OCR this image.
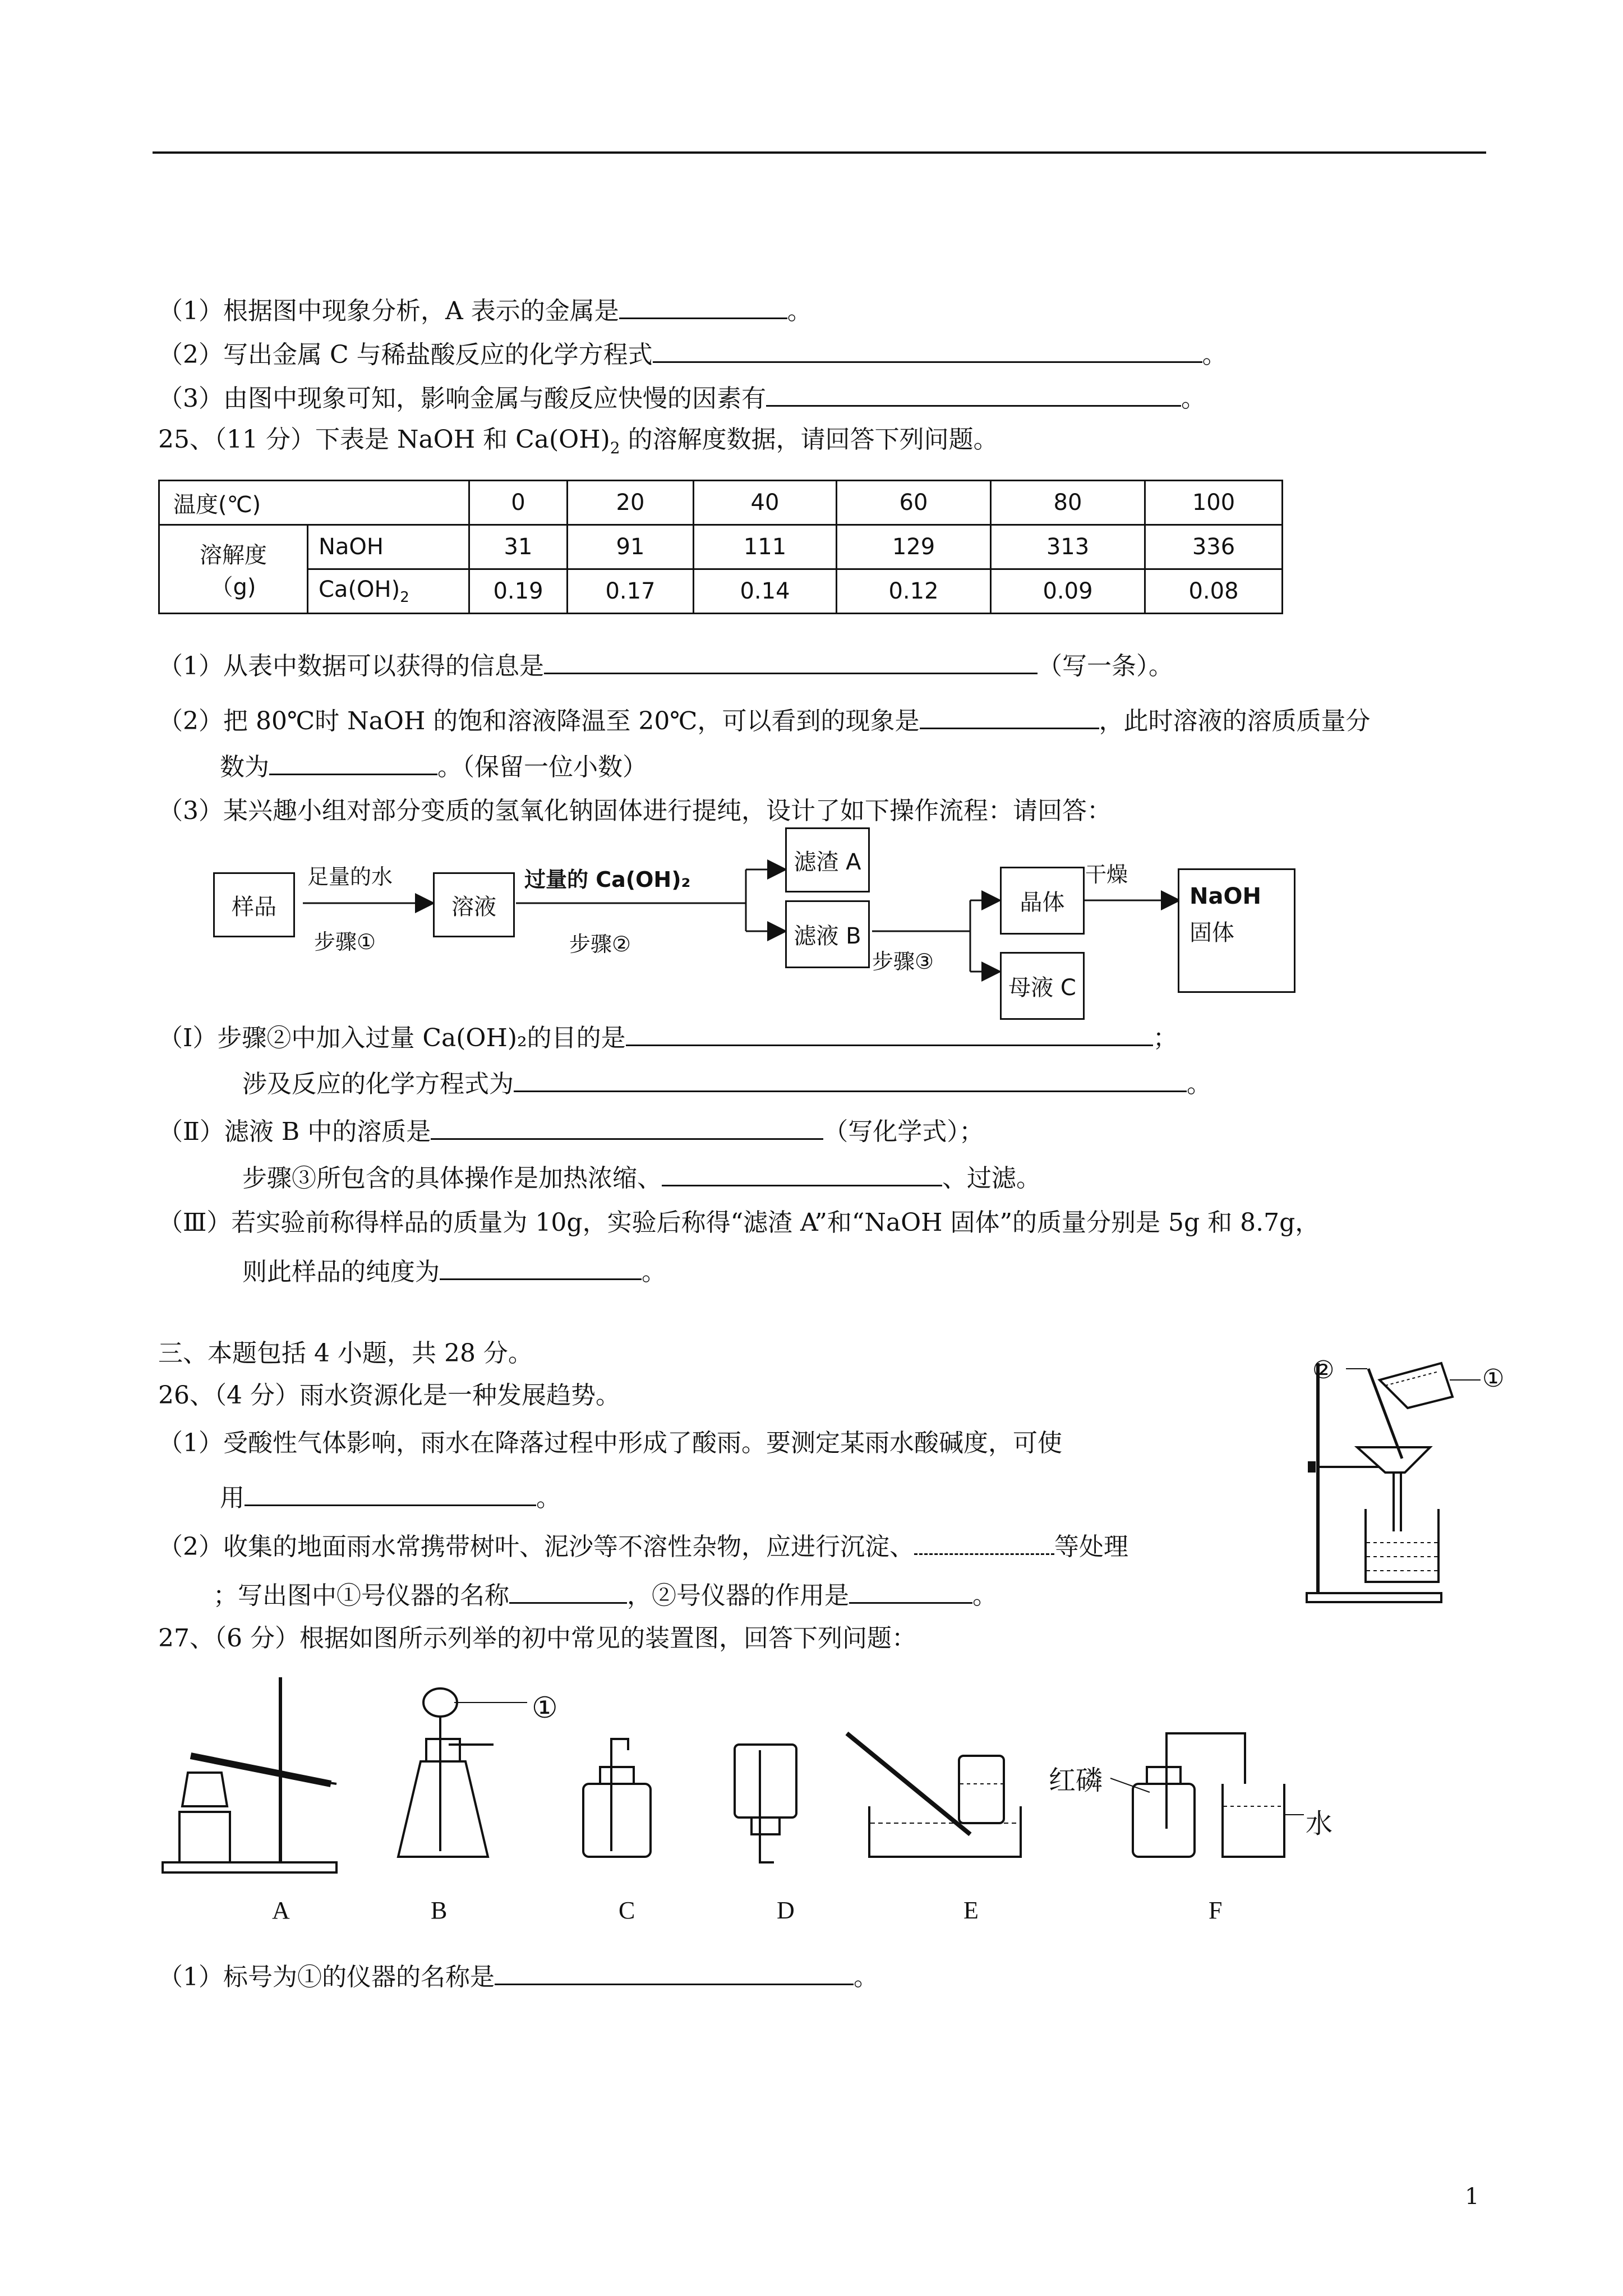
（1）根据图中现象分析，A 表示的金属是	。
（2）写出金属 C 与稀盐酸反应的化学方程式	。
（3）由图中现象可知，影响金属与酸反应快慢的因素有	。
25、（11 分）下表是 NaOH 和 $Ca(OH)_2$ 的溶解度数据，请回答下列问题。
温度(℃)		0	20	40	60	80	100

溶解度
（g)	NaOH	31	91	111	129	313	336
	$Ca(OH)_2$	0.19	0.17	0.14	0.12	0.09	0.08
（1）从表中数据可以获得的信息是	（写一条）。
（2）把 80℃时 NaOH 的饱和溶液降温至 20℃，可以看到的现象是	，此时溶液的溶质质量分
数为	。（保留一位小数）
（3）某兴趣小组对部分变质的氢氧化钠固体进行提纯，设计了如下操作流程：请回答：
样品
足量的水
步骤①
溶液
过量的 Ca(OH)₂
步骤②
滤渣 A
滤液 B
步骤③
晶体
干燥
母液 C
NaOH
固体
（Ⅰ）步骤②中加入过量 Ca(OH)₂的目的是	；
涉及反应的化学方程式为	。
（Ⅱ）滤液 B 中的溶质是	（写化学式）；
步骤③所包含的具体操作是加热浓缩、	、过滤。
（Ⅲ）若实验前称得样品的质量为 10g，实验后称得“滤渣 A”和“NaOH 固体”的质量分别是 5g 和 8.7g，
则此样品的纯度为	。
三、本题包括 4 小题，共 28 分。
26、（4 分）雨水资源化是一种发展趋势。
（1）受酸性气体影响，雨水在降落过程中形成了酸雨。要测定某雨水酸碱度，可使
用	。
（2）收集的地面雨水常携带树叶、泥沙等不溶性杂物，应进行沉淀、	等处理
；写出图中①号仪器的名称	，②号仪器的作用是	。
②	①
27、（6 分）根据如图所示列举的初中常见的装置图，回答下列问题：
①
红磷
水
A	B	C	D	E	F
（1）标号为①的仪器的名称是	。
1
